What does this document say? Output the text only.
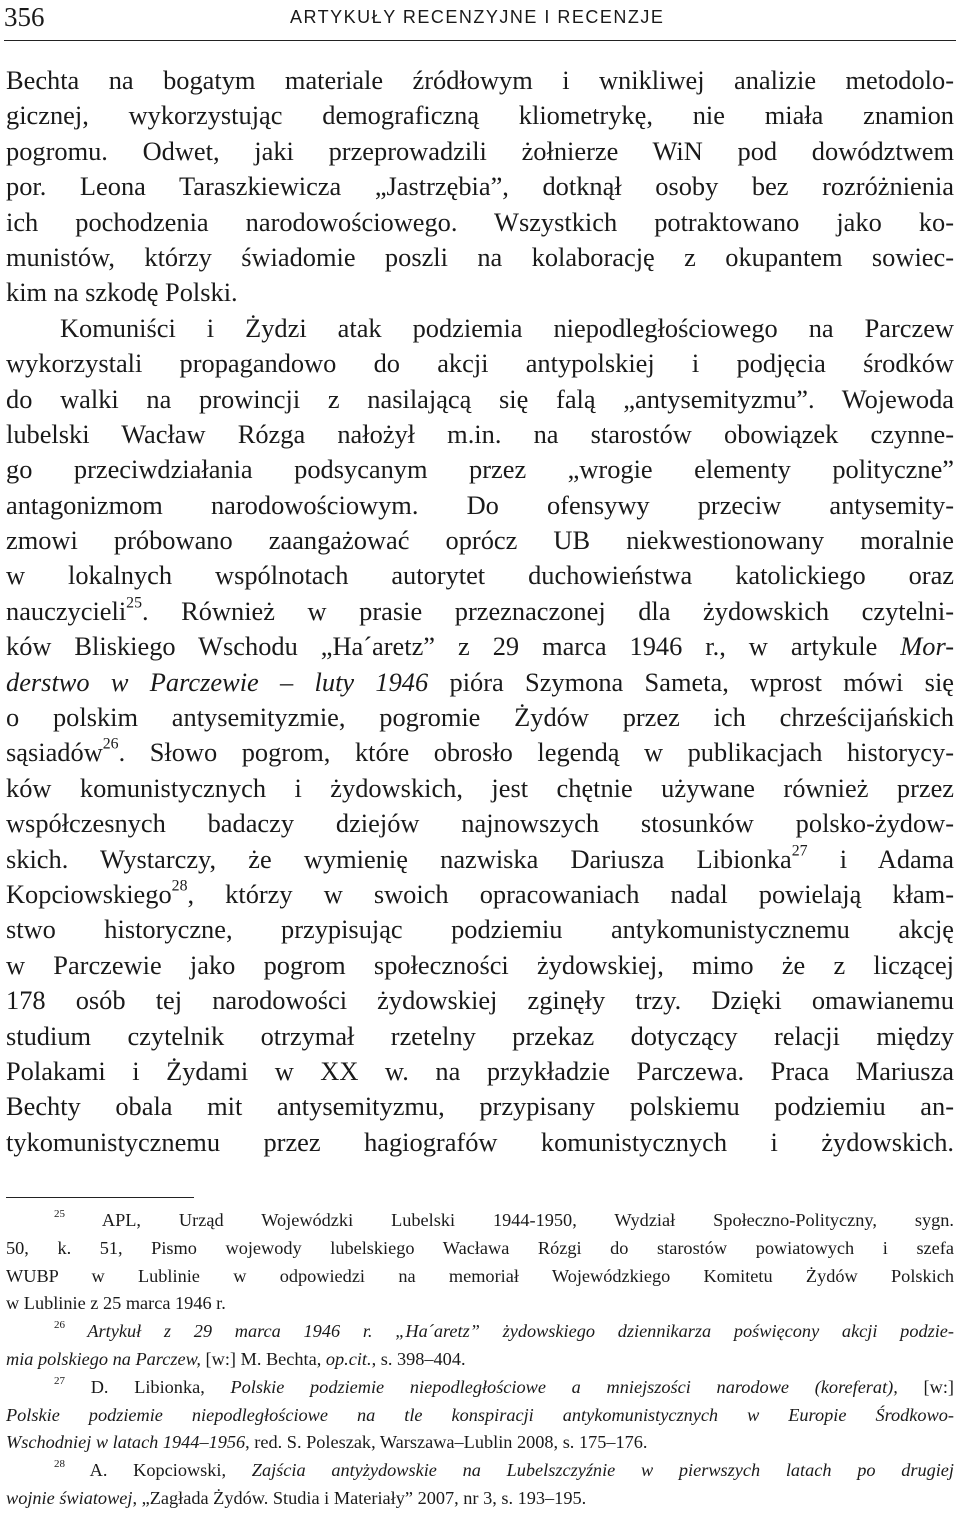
356	ARTYKUŁY RECENZYJNE I RECENZJE
Bechta na bogatym materiale źródłowym i wnikliwej analizie metodolo-
gicznej, wykorzystując demograficzną kliometrykę, nie miała znamion
pogromu. Odwet, jaki przeprowadzili żołnierze WiN pod dowództwem
por. Leona Taraszkiewicza „Jastrzębia”, dotknął osoby bez rozróżnienia
ich pochodzenia narodowościowego. Wszystkich potraktowano jako ko-
munistów, którzy świadomie poszli na kolaborację z okupantem sowiec-
kim na szkodę Polski.
Komuniści i Żydzi atak podziemia niepodległościowego na Parczew
wykorzystali propagandowo do akcji antypolskiej i podjęcia środków
do walki na prowincji z nasilającą się falą „antysemityzmu”. Wojewoda
lubelski Wacław Rózga nałożył m.in. na starostów obowiązek czynne-
go przeciwdziałania podsycanym przez „wrogie elementy polityczne”
antagonizmom narodowościowym. Do ofensywy przeciw antysemity-
zmowi próbowano zaangażować oprócz UB niekwestionowany moralnie
w lokalnych wspólnotach autorytet duchowieństwa katolickiego oraz
nauczycieli$^{25}$. Również w prasie przeznaczonej dla żydowskich czytelni-
ków Bliskiego Wschodu „Ha´aretz” z 29 marca 1946 r., w artykule Mor-
derstwo w Parczewie – luty 1946 pióra Szymona Sameta, wprost mówi się
o polskim antysemityzmie, pogromie Żydów przez ich chrześcijańskich
sąsiadów$^{26}$. Słowo pogrom, które obrosło legendą w publikacjach historycy-
ków komunistycznych i żydowskich, jest chętnie używane również przez
współczesnych badaczy dziejów najnowszych stosunków polsko-żydow-
skich. Wystarczy, że wymienię nazwiska Dariusza Libionka$^{27}$ i Adama
Kopciowskiego$^{28}$, którzy w swoich opracowaniach nadal powielają kłam-
stwo historyczne, przypisując podziemiu antykomunistycznemu akcję
w Parczewie jako pogrom społeczności żydowskiej, mimo że z liczącej
178 osób tej narodowości żydowskiej zginęły trzy. Dzięki omawianemu
studium czytelnik otrzymał rzetelny przekaz dotyczący relacji między
Polakami i Żydami w XX w. na przykładzie Parczewa. Praca Mariusza
Bechty obala mit antysemityzmu, przypisany polskiemu podziemiu an-
tykomunistycznemu przez hagiografów komunistycznych i żydowskich.
$^{25}$ APL, Urząd Wojewódzki Lubelski 1944-1950, Wydział Społeczno-Polityczny, sygn.
50, k. 51, Pismo wojewody lubelskiego Wacława Rózgi do starostów powiatowych i szefa
WUBP w Lublinie w odpowiedzi na memoriał Wojewódzkiego Komitetu Żydów Polskich
w Lublinie z 25 marca 1946 r.
$^{26}$ Artykuł z 29 marca 1946 r. „Ha´aretz” żydowskiego dziennikarza poświęcony akcji podzie-
mia polskiego na Parczew, [w:] M. Bechta, op.cit., s. 398–404.
$^{27}$ D. Libionka, Polskie podziemie niepodległościowe a mniejszości narodowe (koreferat), [w:]
Polskie podziemie niepodległościowe na tle konspiracji antykomunistycznych w Europie Środkowo-
Wschodniej w latach 1944–1956, red. S. Poleszak, Warszawa–Lublin 2008, s. 175–176.
$^{28}$ A. Kopciowski, Zajścia antyżydowskie na Lubelszczyźnie w pierwszych latach po drugiej
wojnie światowej, „Zagłada Żydów. Studia i Materiały” 2007, nr 3, s. 193–195.
